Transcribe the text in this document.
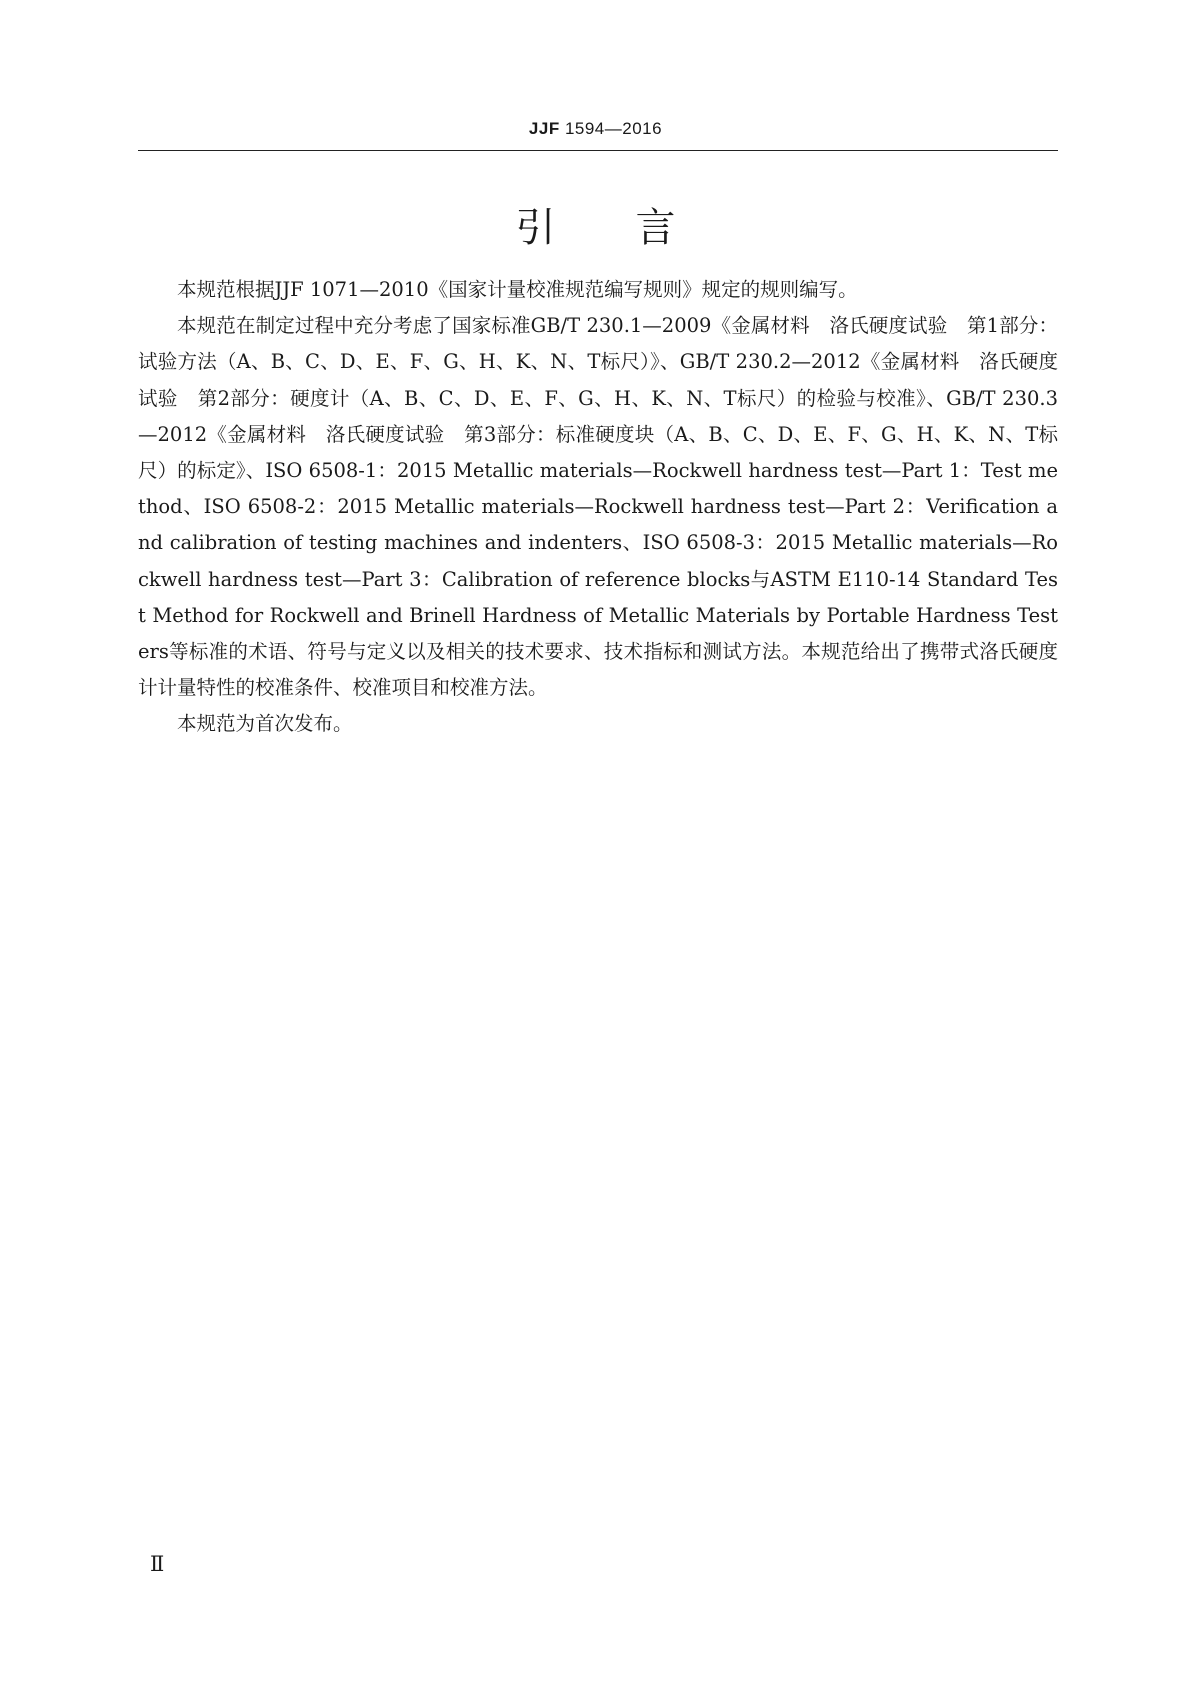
JJF 1594—2016
引言

本规范根据JJF 1071—2010《国家计量校准规范编写规则》规定的规则编写。

本规范在制定过程中充分考虑了国家标准GB/T 230.1—2009《金属材料　洛氏硬度试验　第1部分：试验方法（A、B、C、D、E、F、G、H、K、N、T标尺）》、GB/T 230.2—2012《金属材料　洛氏硬度试验　第2部分：硬度计（A、B、C、D、E、F、G、H、K、N、T标尺）的检验与校准》、GB/T 230.3—2012《金属材料　洛氏硬度试验　第3部分：标准硬度块（A、B、C、D、E、F、G、H、K、N、T标尺）的标定》、ISO 6508-1：2015 Metallic materials—Rockwell hardness test—Part 1：Test method、ISO 6508-2：2015 Metallic materials—Rockwell hardness test—Part 2：Verification and calibration of testing machines and indenters、ISO 6508-3：2015 Metallic materials—Rockwell hardness test—Part 3：Calibration of reference blocks与ASTM E110-14 Standard Test Method for Rockwell and Brinell Hardness of Metallic Materials by Portable Hardness Testers等标准的术语、符号与定义以及相关的技术要求、技术指标和测试方法。本规范给出了携带式洛氏硬度计计量特性的校准条件、校准项目和校准方法。

本规范为首次发布。

Ⅱ
